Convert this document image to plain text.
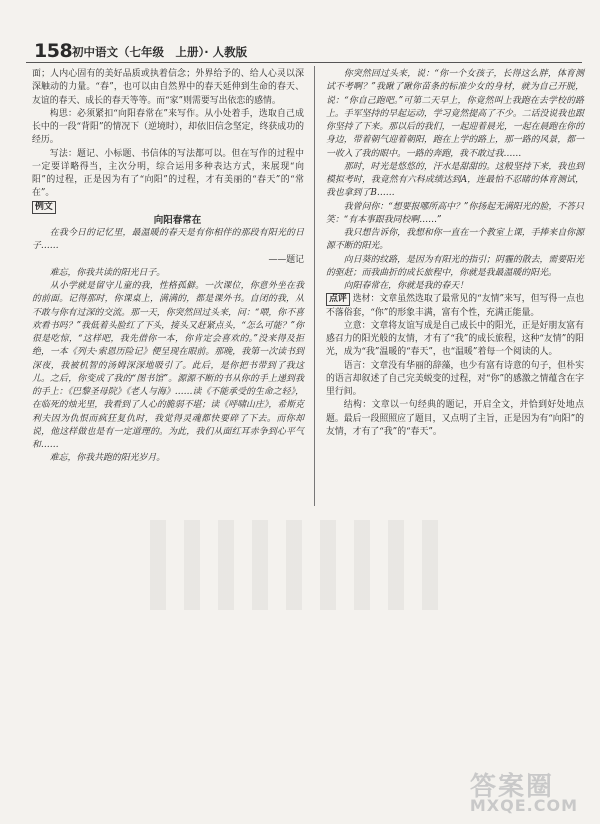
158 初中语文（七年级　上册）· 人教版

面；人内心固有的美好品质或执着信念；外界给予的、给人心灵以深深触动的力量。“春”，也可以由自然界中的春天延伸到生命的春天、友谊的春天、成长的春天等等。而“家”则需要写出依恋的感情。

构思：必须紧扣“向阳春常在”来写作。从小处着手，选取自己成长中的一段“背阳”的情况下（逆境时），却依旧信念坚定，终获成功的经历。

写法：题记、小标题、书信体的写法都可以。但在写作的过程中一定要详略得当，主次分明，综合运用多种表达方式，来展现“向阳”的过程，正是因为有了“向阳”的过程，才有美丽的“春天”的“常在”。

例文

向阳春常在

在我今日的记忆里，最温暖的春天是有你相伴的那段有阳光的日子……

——题记

难忘，你我共读的阳光日子。

从小学就是留守儿童的我，性格孤僻。一次课位，你意外坐在我的前面。记得那时，你课桌上，满满的，都是课外书。自闭的我，从不敢与你有过深的交流。那一天，你突然回过头来，问：“喂，你不喜欢看书吗？”我低着头脸红了下头，接头又赶紧点头，“怎么可能？”你很是吃惊，“这样吧，我先借你一本，你肯定会喜欢的。”没来得及拒绝，一本《列夫·索恩历险记》便呈现在眼前。那晚，我第一次读书到深夜，我被机智的汤姆深深地吸引了。此后，是你把书带到了我这儿。之后，你变成了我的“图书馆”。源源不断的书从你的手上递到我的手上：《巴黎圣母院》《老人与海》……读《不能承受的生命之轻》，在临死的烛光里，我看到了人心的脆弱不堪；读《呼啸山庄》，希斯克利夫因为仇恨而疯狂复仇时，我觉得灵魂都快要碎了下去。而你却说，他这样做也是有一定道理的。为此，我们从面红耳赤争到心平气和……

难忘，你我共跑的阳光岁月。

你突然回过头来，说：“你一个女孩子，长得这么胖，体育测试不考啊？”我瞅了瞅你苗条的标准少女的身材，就为自己开脱，说：“你自己跑吧。”可第二天早上，你竟然叫上我跑在去学校的路上。手军坚持的早起运动，学习竟然提高了不少。二话没说我也跟你坚持了下来。那以后的我们，一起迎着晨光，一起在晨跑在你的身边，带着朝气迎着朝阳，跑在上学的路上，那一路的风景，都一一收入了我的眼中。一路的奔跑，我不敢过我……

那时，时光是悠悠的，汗水是甜甜的。这般坚持下来，我也到模拟考时，我竟然有六科成绩达到A，连最怕不忍睹的体育测试，我也拿到了B……

我曾问你：“想要报哪所高中？”你扬起无满阳光的脸，不答只笑：“有本事跟我同校啊……”

我只想告诉你，我想和你一直在一个教室上课，手捧来自你源源不断的阳光。

向日葵的纹路，是因为有阳光的指引；阴霾的散去，需要阳光的驱赶；而我曲折的成长旅程中，你就是我最温暖的阳光。

向阳春常在，你就是我的春天！

点评 选材：文章虽然选取了最常见的“友情”来写，但写得一点也不落俗套，“你”的形象丰满，富有个性，充满正能量。

立意：文章将友谊写成是自己成长中的阳光，正是好朋友富有感召力的阳光般的友情，才有了“我”的成长旅程，这种“友情”的阳光，成为“我”温暖的“春天”，也“温暖”着每一个阅读的人。

语言：文章没有华丽的辞藻，也少有富有诗意的句子，但朴实的语言却叙述了自己完美蜕变的过程，对“你”的感激之情蕴含在字里行间。

结构：文章以一句经典的题记，开启全文，并恰到好处地点题。最后一段照照应了题目，又点明了主旨，正是因为有“向阳”的友情，才有了“我”的“春天”。

答案圈
MXQE.COM
